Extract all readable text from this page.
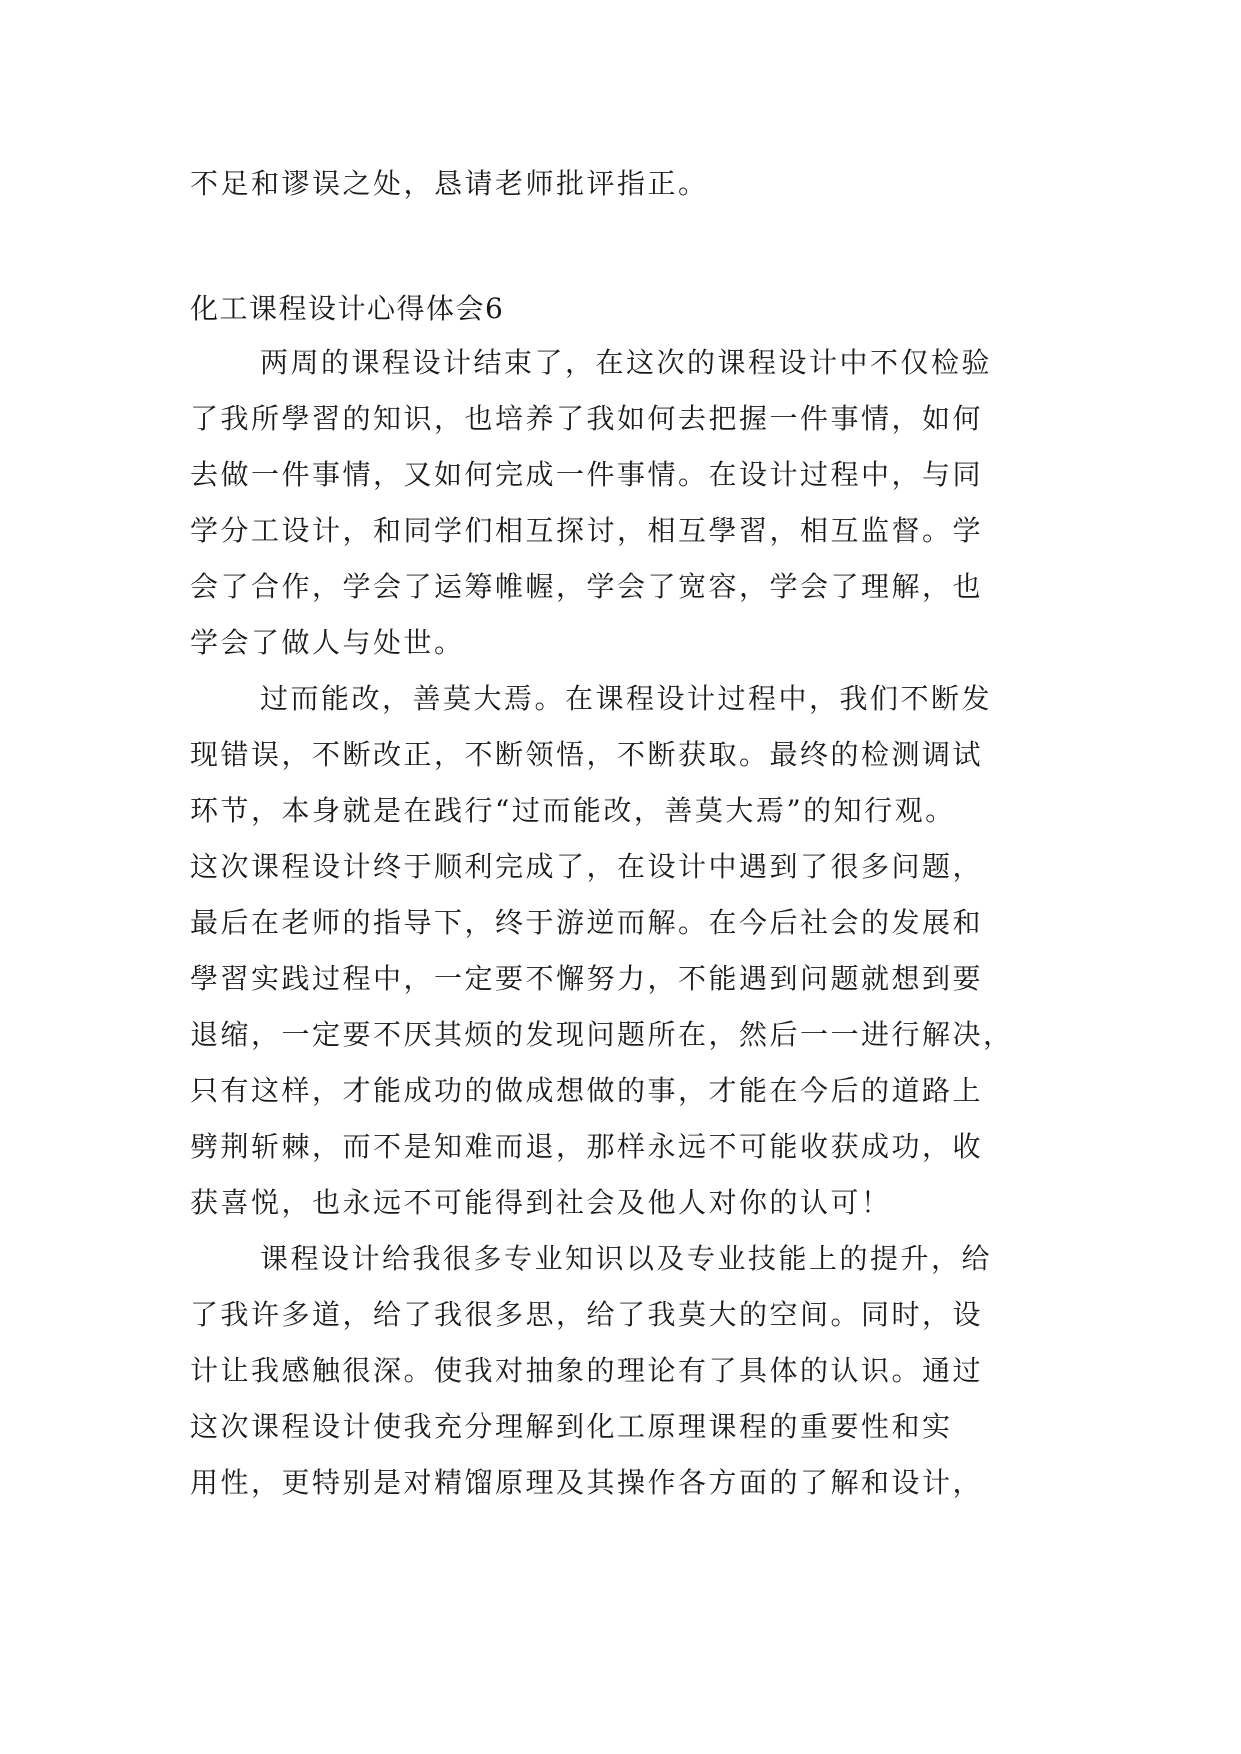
不足和谬误之处，恳请老师批评指正。
化工课程设计心得体会6
两周的课程设计结束了，在这次的课程设计中不仅检验
了我所學習的知识，也培养了我如何去把握一件事情，如何
去做一件事情，又如何完成一件事情。在设计过程中，与同
学分工设计，和同学们相互探讨，相互學習，相互监督。学
会了合作，学会了运筹帷幄，学会了宽容，学会了理解，也
学会了做人与处世。
过而能改，善莫大焉。在课程设计过程中，我们不断发
现错误，不断改正，不断领悟，不断获取。最终的检测调试
环节，本身就是在践行“过而能改，善莫大焉”的知行观。
这次课程设计终于顺利完成了，在设计中遇到了很多问题，
最后在老师的指导下，终于游逆而解。在今后社会的发展和
學習实践过程中，一定要不懈努力，不能遇到问题就想到要
退缩，一定要不厌其烦的发现问题所在，然后一一进行解决，
只有这样，才能成功的做成想做的事，才能在今后的道路上
劈荆斩棘，而不是知难而退，那样永远不可能收获成功，收
获喜悦，也永远不可能得到社会及他人对你的认可！
课程设计给我很多专业知识以及专业技能上的提升，给
了我许多道，给了我很多思，给了我莫大的空间。同时，设
计让我感触很深。使我对抽象的理论有了具体的认识。通过
这次课程设计使我充分理解到化工原理课程的重要性和实
用性，更特别是对精馏原理及其操作各方面的了解和设计，
